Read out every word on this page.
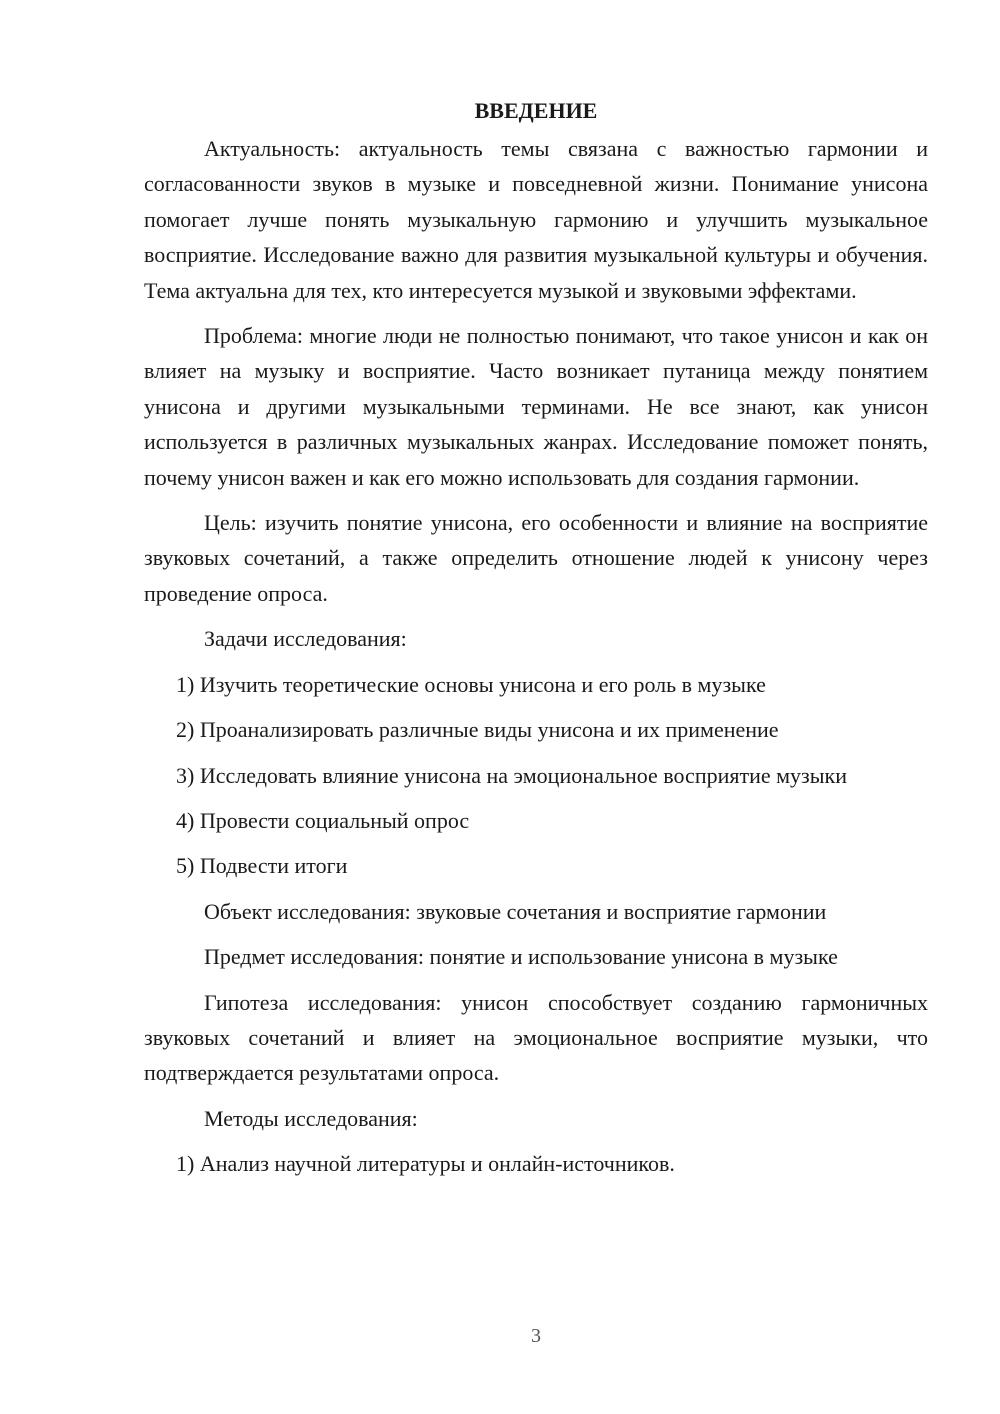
ВВЕДЕНИЕ

Актуальность: актуальность темы связана с важностью гармонии и согласованности звуков в музыке и повседневной жизни. Понимание унисона помогает лучше понять музыкальную гармонию и улучшить музыкальное восприятие. Исследование важно для развития музыкальной культуры и обучения. Тема актуальна для тех, кто интересуется музыкой и звуковыми эффектами.

Проблема: многие люди не полностью понимают, что такое унисон и как он влияет на музыку и восприятие. Часто возникает путаница между понятием унисона и другими музыкальными терминами. Не все знают, как унисон используется в различных музыкальных жанрах. Исследование поможет понять, почему унисон важен и как его можно использовать для создания гармонии.

Цель: изучить понятие унисона, его особенности и влияние на восприятие звуковых сочетаний, а также определить отношение людей к унисону через проведение опроса.

Задачи исследования:

1) Изучить теоретические основы унисона и его роль в музыке

2) Проанализировать различные виды унисона и их применение

3) Исследовать влияние унисона на эмоциональное восприятие музыки

4) Провести социальный опрос

5) Подвести итоги

Объект исследования: звуковые сочетания и восприятие гармонии

Предмет исследования: понятие и использование унисона в музыке

Гипотеза исследования: унисон способствует созданию гармоничных звуковых сочетаний и влияет на эмоциональное восприятие музыки, что подтверждается результатами опроса.

Методы исследования:

1) Анализ научной литературы и онлайн-источников.

3
